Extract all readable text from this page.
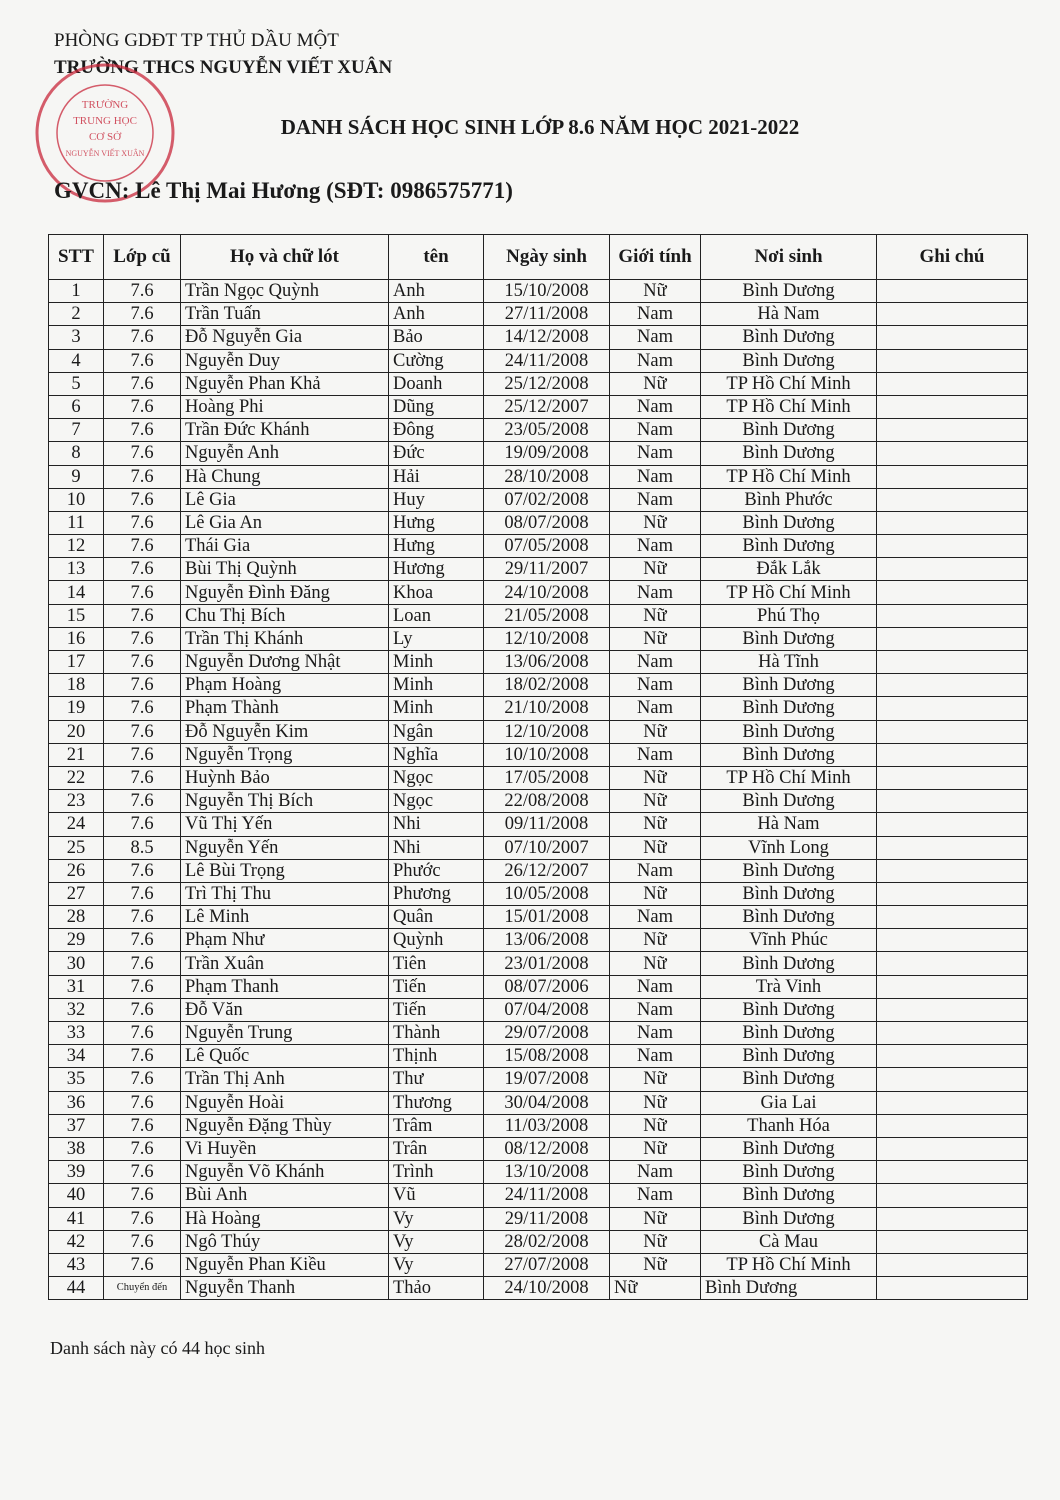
PHÒNG GDĐT TP THỦ DẦU MỘT
TRƯỜNG THCS NGUYỄN VIẾT XUÂN
TRƯỜNG
TRUNG HỌC
CƠ SỞ
NGUYỄN VIẾT XUÂN
DANH SÁCH HỌC SINH LỚP 8.6 NĂM HỌC 2021-2022
GVCN: Lê Thị Mai Hương (SĐT: 0986575771)
STT	Lớp cũ	Họ và chữ lót	tên	Ngày sinh	Giới tính	Nơi sinh	Ghi chú
1	7.6	Trần Ngọc Quỳnh	Anh	15/10/2008	Nữ	Bình Dương	
2	7.6	Trần Tuấn	Anh	27/11/2008	Nam	Hà Nam	
3	7.6	Đỗ Nguyễn Gia	Bảo	14/12/2008	Nam	Bình Dương	
4	7.6	Nguyễn Duy	Cường	24/11/2008	Nam	Bình Dương	
5	7.6	Nguyễn Phan Khả	Doanh	25/12/2008	Nữ	TP Hồ Chí Minh	
6	7.6	Hoàng Phi	Dũng	25/12/2007	Nam	TP Hồ Chí Minh	
7	7.6	Trần Đức Khánh	Đông	23/05/2008	Nam	Bình Dương	
8	7.6	Nguyễn Anh	Đức	19/09/2008	Nam	Bình Dương	
9	7.6	Hà Chung	Hải	28/10/2008	Nam	TP Hồ Chí Minh	
10	7.6	Lê Gia	Huy	07/02/2008	Nam	Bình Phước	
11	7.6	Lê Gia An	Hưng	08/07/2008	Nữ	Bình Dương	
12	7.6	Thái Gia	Hưng	07/05/2008	Nam	Bình Dương	
13	7.6	Bùi Thị Quỳnh	Hương	29/11/2007	Nữ	Đắk Lắk	
14	7.6	Nguyễn Đình Đăng	Khoa	24/10/2008	Nam	TP Hồ Chí Minh	
15	7.6	Chu Thị Bích	Loan	21/05/2008	Nữ	Phú Thọ	
16	7.6	Trần Thị Khánh	Ly	12/10/2008	Nữ	Bình Dương	
17	7.6	Nguyễn Dương Nhật	Minh	13/06/2008	Nam	Hà Tĩnh	
18	7.6	Phạm Hoàng	Minh	18/02/2008	Nam	Bình Dương	
19	7.6	Phạm Thành	Minh	21/10/2008	Nam	Bình Dương	
20	7.6	Đỗ Nguyễn Kim	Ngân	12/10/2008	Nữ	Bình Dương	
21	7.6	Nguyễn Trọng	Nghĩa	10/10/2008	Nam	Bình Dương	
22	7.6	Huỳnh Bảo	Ngọc	17/05/2008	Nữ	TP Hồ Chí Minh	
23	7.6	Nguyễn Thị Bích	Ngọc	22/08/2008	Nữ	Bình Dương	
24	7.6	Vũ Thị Yến	Nhi	09/11/2008	Nữ	Hà Nam	
25	8.5	Nguyễn Yến	Nhi	07/10/2007	Nữ	Vĩnh Long	
26	7.6	Lê Bùi Trọng	Phước	26/12/2007	Nam	Bình Dương	
27	7.6	Trì Thị Thu	Phương	10/05/2008	Nữ	Bình Dương	
28	7.6	Lê Minh	Quân	15/01/2008	Nam	Bình Dương	
29	7.6	Phạm Như	Quỳnh	13/06/2008	Nữ	Vĩnh Phúc	
30	7.6	Trần Xuân	Tiên	23/01/2008	Nữ	Bình Dương	
31	7.6	Phạm Thanh	Tiến	08/07/2006	Nam	Trà Vinh	
32	7.6	Đỗ Văn	Tiến	07/04/2008	Nam	Bình Dương	
33	7.6	Nguyễn Trung	Thành	29/07/2008	Nam	Bình Dương	
34	7.6	Lê Quốc	Thịnh	15/08/2008	Nam	Bình Dương	
35	7.6	Trần Thị Anh	Thư	19/07/2008	Nữ	Bình Dương	
36	7.6	Nguyễn Hoài	Thương	30/04/2008	Nữ	Gia Lai	
37	7.6	Nguyễn Đặng Thùy	Trâm	11/03/2008	Nữ	Thanh Hóa	
38	7.6	Vi Huyền	Trân	08/12/2008	Nữ	Bình Dương	
39	7.6	Nguyễn Võ Khánh	Trình	13/10/2008	Nam	Bình Dương	
40	7.6	Bùi Anh	Vũ	24/11/2008	Nam	Bình Dương	
41	7.6	Hà Hoàng	Vy	29/11/2008	Nữ	Bình Dương	
42	7.6	Ngô Thúy	Vy	28/02/2008	Nữ	Cà Mau	
43	7.6	Nguyễn Phan Kiều	Vy	27/07/2008	Nữ	TP Hồ Chí Minh	
44	Chuyển đến	Nguyễn Thanh	Thảo	24/10/2008	Nữ	Bình Dương	
Danh sách này có 44 học sinh
